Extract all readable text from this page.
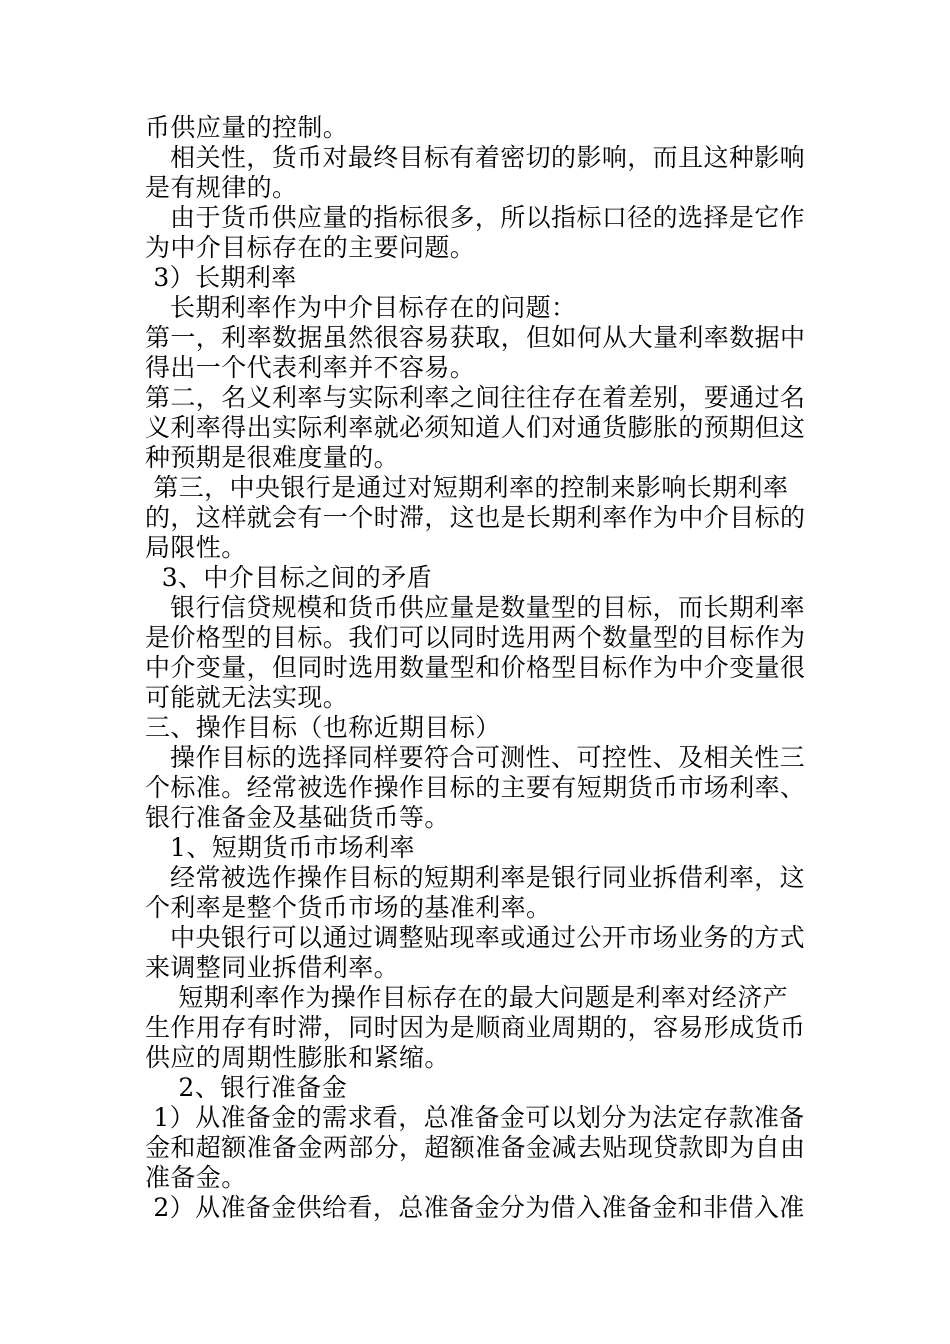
币供应量的控制。

相关性，货币对最终目标有着密切的影响，而且这种影响是有规律的。

由于货币供应量的指标很多，所以指标口径的选择是它作为中介目标存在的主要问题。

3）长期利率

长期利率作为中介目标存在的问题：

第一，利率数据虽然很容易获取，但如何从大量利率数据中得出一个代表利率并不容易。

第二，名义利率与实际利率之间往往存在着差别，要通过名义利率得出实际利率就必须知道人们对通货膨胀的预期但这种预期是很难度量的。

第三，中央银行是通过对短期利率的控制来影响长期利率的，这样就会有一个时滞，这也是长期利率作为中介目标的局限性。

3、中介目标之间的矛盾

银行信贷规模和货币供应量是数量型的目标，而长期利率是价格型的目标。我们可以同时选用两个数量型的目标作为中介变量，但同时选用数量型和价格型目标作为中介变量很可能就无法实现。

三、操作目标（也称近期目标）

操作目标的选择同样要符合可测性、可控性、及相关性三个标准。经常被选作操作目标的主要有短期货币市场利率、银行准备金及基础货币等。

1、短期货币市场利率

经常被选作操作目标的短期利率是银行同业拆借利率，这个利率是整个货币市场的基准利率。

中央银行可以通过调整贴现率或通过公开市场业务的方式来调整同业拆借利率。

短期利率作为操作目标存在的最大问题是利率对经济产生作用存有时滞，同时因为是顺商业周期的，容易形成货币供应的周期性膨胀和紧缩。

2、银行准备金

1）从准备金的需求看，总准备金可以划分为法定存款准备金和超额准备金两部分，超额准备金减去贴现贷款即为自由准备金。

2）从准备金供给看，总准备金分为借入准备金和非借入准
